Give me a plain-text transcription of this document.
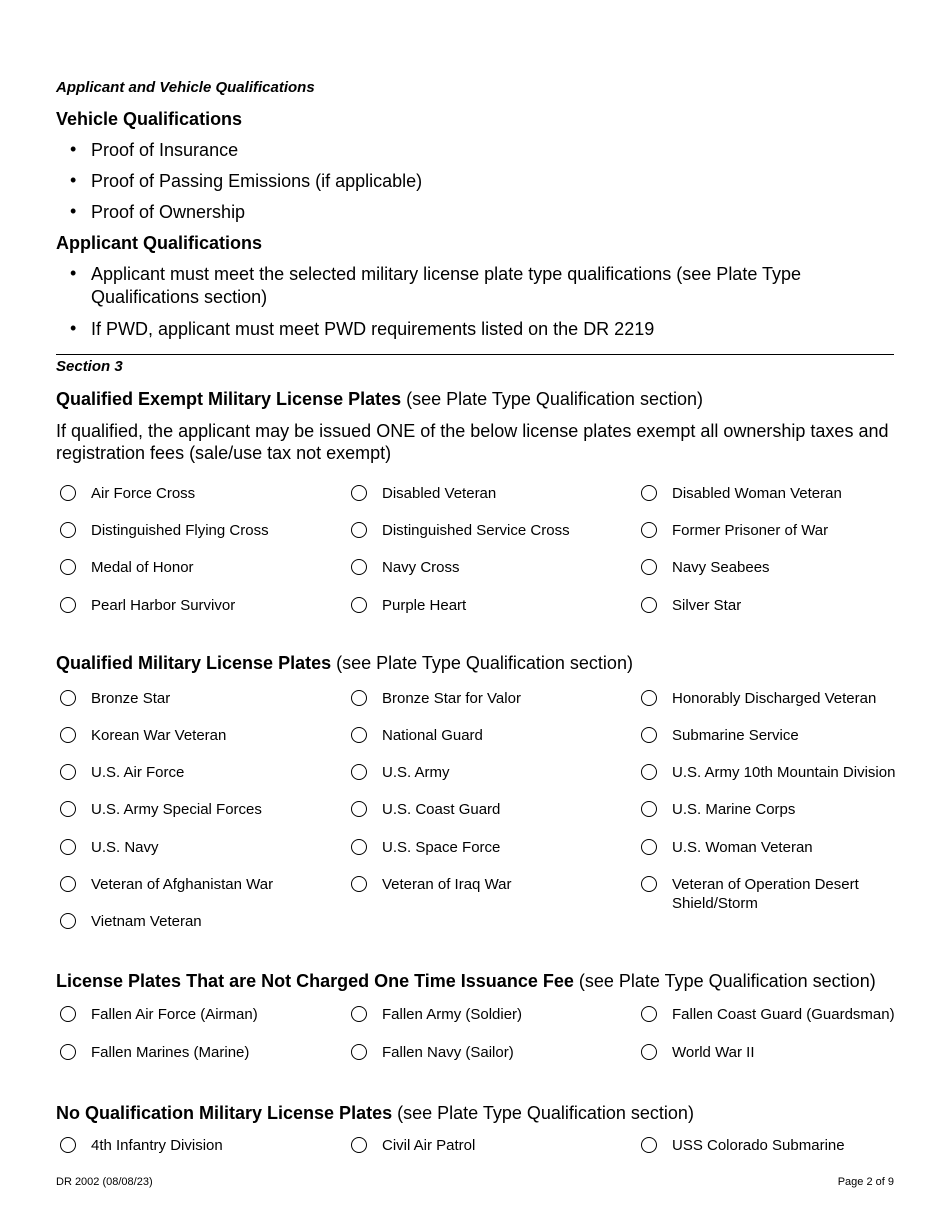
Applicant and Vehicle Qualifications
Vehicle Qualifications
• Proof of Insurance
• Proof of Passing Emissions (if applicable)
• Proof of Ownership
Applicant Qualifications
• Applicant must meet the selected military license plate type qualifications (see Plate Type Qualifications section)
• If PWD, applicant must meet PWD requirements listed on the DR 2219
Section 3
Qualified Exempt Military License Plates (see Plate Type Qualification section)
If qualified, the applicant may be issued ONE of the below license plates exempt all ownership taxes and registration fees (sale/use tax not exempt)
Air Force Cross	Disabled Veteran	Disabled Woman Veteran
Distinguished Flying Cross	Distinguished Service Cross	Former Prisoner of War
Medal of Honor	Navy Cross	Navy Seabees
Pearl Harbor Survivor	Purple Heart	Silver Star
Qualified Military License Plates (see Plate Type Qualification section)
Bronze Star	Bronze Star for Valor	Honorably Discharged Veteran
Korean War Veteran	National Guard	Submarine Service
U.S. Air Force	U.S. Army	U.S. Army 10th Mountain Division
U.S. Army Special Forces	U.S. Coast Guard	U.S. Marine Corps
U.S. Navy	U.S. Space Force	U.S. Woman Veteran
Veteran of Afghanistan War	Veteran of Iraq War	Veteran of Operation Desert Shield/Storm
Vietnam Veteran
License Plates That are Not Charged One Time Issuance Fee (see Plate Type Qualification section)
Fallen Air Force (Airman)	Fallen Army (Soldier)	Fallen Coast Guard (Guardsman)
Fallen Marines (Marine)	Fallen Navy (Sailor)	World War II
No Qualification Military License Plates (see Plate Type Qualification section)
4th Infantry Division	Civil Air Patrol	USS Colorado Submarine
DR 2002 (08/08/23)	Page 2 of 9
